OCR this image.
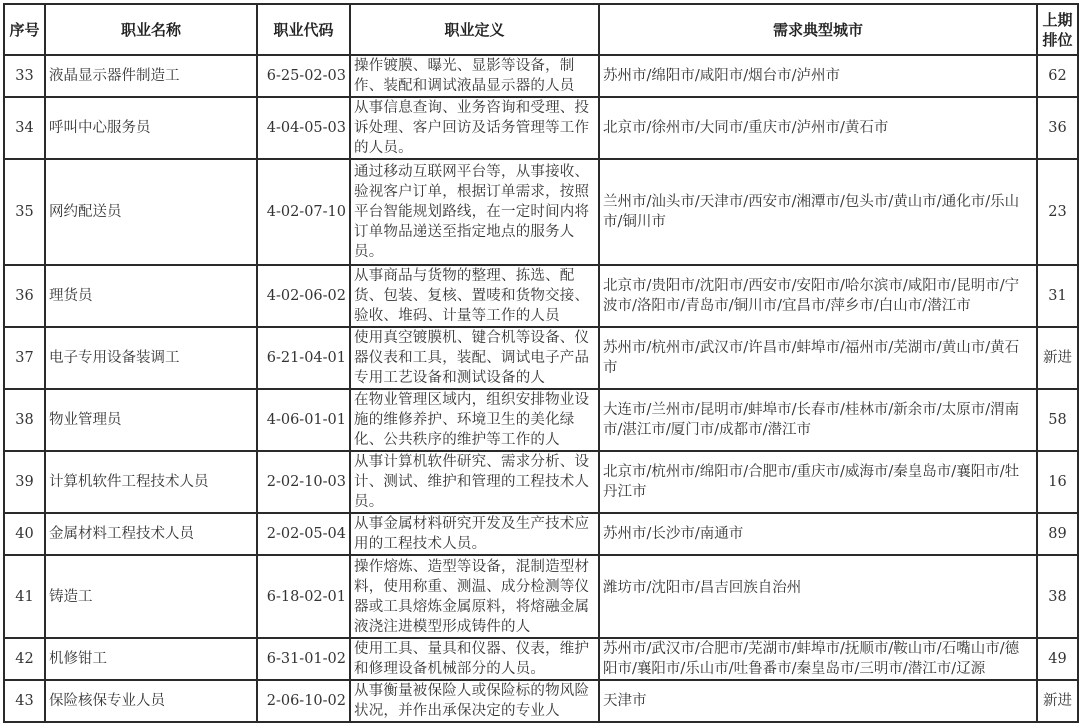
序号	职业名称	职业代码	职业定义	需求典型城市	上期排位
33	液晶显示器件制造工	6-25-02-03	操作镀膜、曝光、显影等设备，制作、装配和调试液晶显示器的人员	苏州市/绵阳市/咸阳市/烟台市/泸州市	62
34	呼叫中心服务员	4-04-05-03	从事信息查询、业务咨询和受理、投诉处理、客户回访及话务管理等工作的人员。	北京市/徐州市/大同市/重庆市/泸州市/黄石市	36
35	网约配送员	4-02-07-10	通过移动互联网平台等，从事接收、验视客户订单，根据订单需求，按照平台智能规划路线，在一定时间内将订单物品递送至指定地点的服务人员。	兰州市/汕头市/天津市/西安市/湘潭市/包头市/黄山市/通化市/乐山市/铜川市	23
36	理货员	4-02-06-02	从事商品与货物的整理、拣选、配货、包装、复核、置唛和货物交接、验收、堆码、计量等工作的人员	北京市/贵阳市/沈阳市/西安市/安阳市/哈尔滨市/咸阳市/昆明市/宁波市/洛阳市/青岛市/铜川市/宜昌市/萍乡市/白山市/潜江市	31
37	电子专用设备装调工	6-21-04-01	使用真空镀膜机、键合机等设备、仪器仪表和工具，装配、调试电子产品专用工艺设备和测试设备的人	苏州市/杭州市/武汉市/许昌市/蚌埠市/福州市/芜湖市/黄山市/黄石市	新进
38	物业管理员	4-06-01-01	在物业管理区域内，组织安排物业设施的维修养护、环境卫生的美化绿化、公共秩序的维护等工作的人	大连市/兰州市/昆明市/蚌埠市/长春市/桂林市/新余市/太原市/渭南市/湛江市/厦门市/成都市/潜江市	58
39	计算机软件工程技术人员	2-02-10-03	从事计算机软件研究、需求分析、设计、测试、维护和管理的工程技术人员。	北京市/杭州市/绵阳市/合肥市/重庆市/威海市/秦皇岛市/襄阳市/牡丹江市	16
40	金属材料工程技术人员	2-02-05-04	从事金属材料研究开发及生产技术应用的工程技术人员。	苏州市/长沙市/南通市	89
41	铸造工	6-18-02-01	操作熔炼、造型等设备，混制造型材料，使用称重、测温、成分检测等仪器或工具熔炼金属原料，将熔融金属液浇注进模型形成铸件的人	潍坊市/沈阳市/昌吉回族自治州	38
42	机修钳工	6-31-01-02	使用工具、量具和仪器、仪表，维护和修理设备机械部分的人员。	苏州市/武汉市/合肥市/芜湖市/蚌埠市/抚顺市/鞍山市/石嘴山市/德阳市/襄阳市/乐山市/吐鲁番市/秦皇岛市/三明市/潜江市/辽源	49
43	保险核保专业人员	2-06-10-02	从事衡量被保险人或保险标的物风险状况，并作出承保决定的专业人	天津市	新进
